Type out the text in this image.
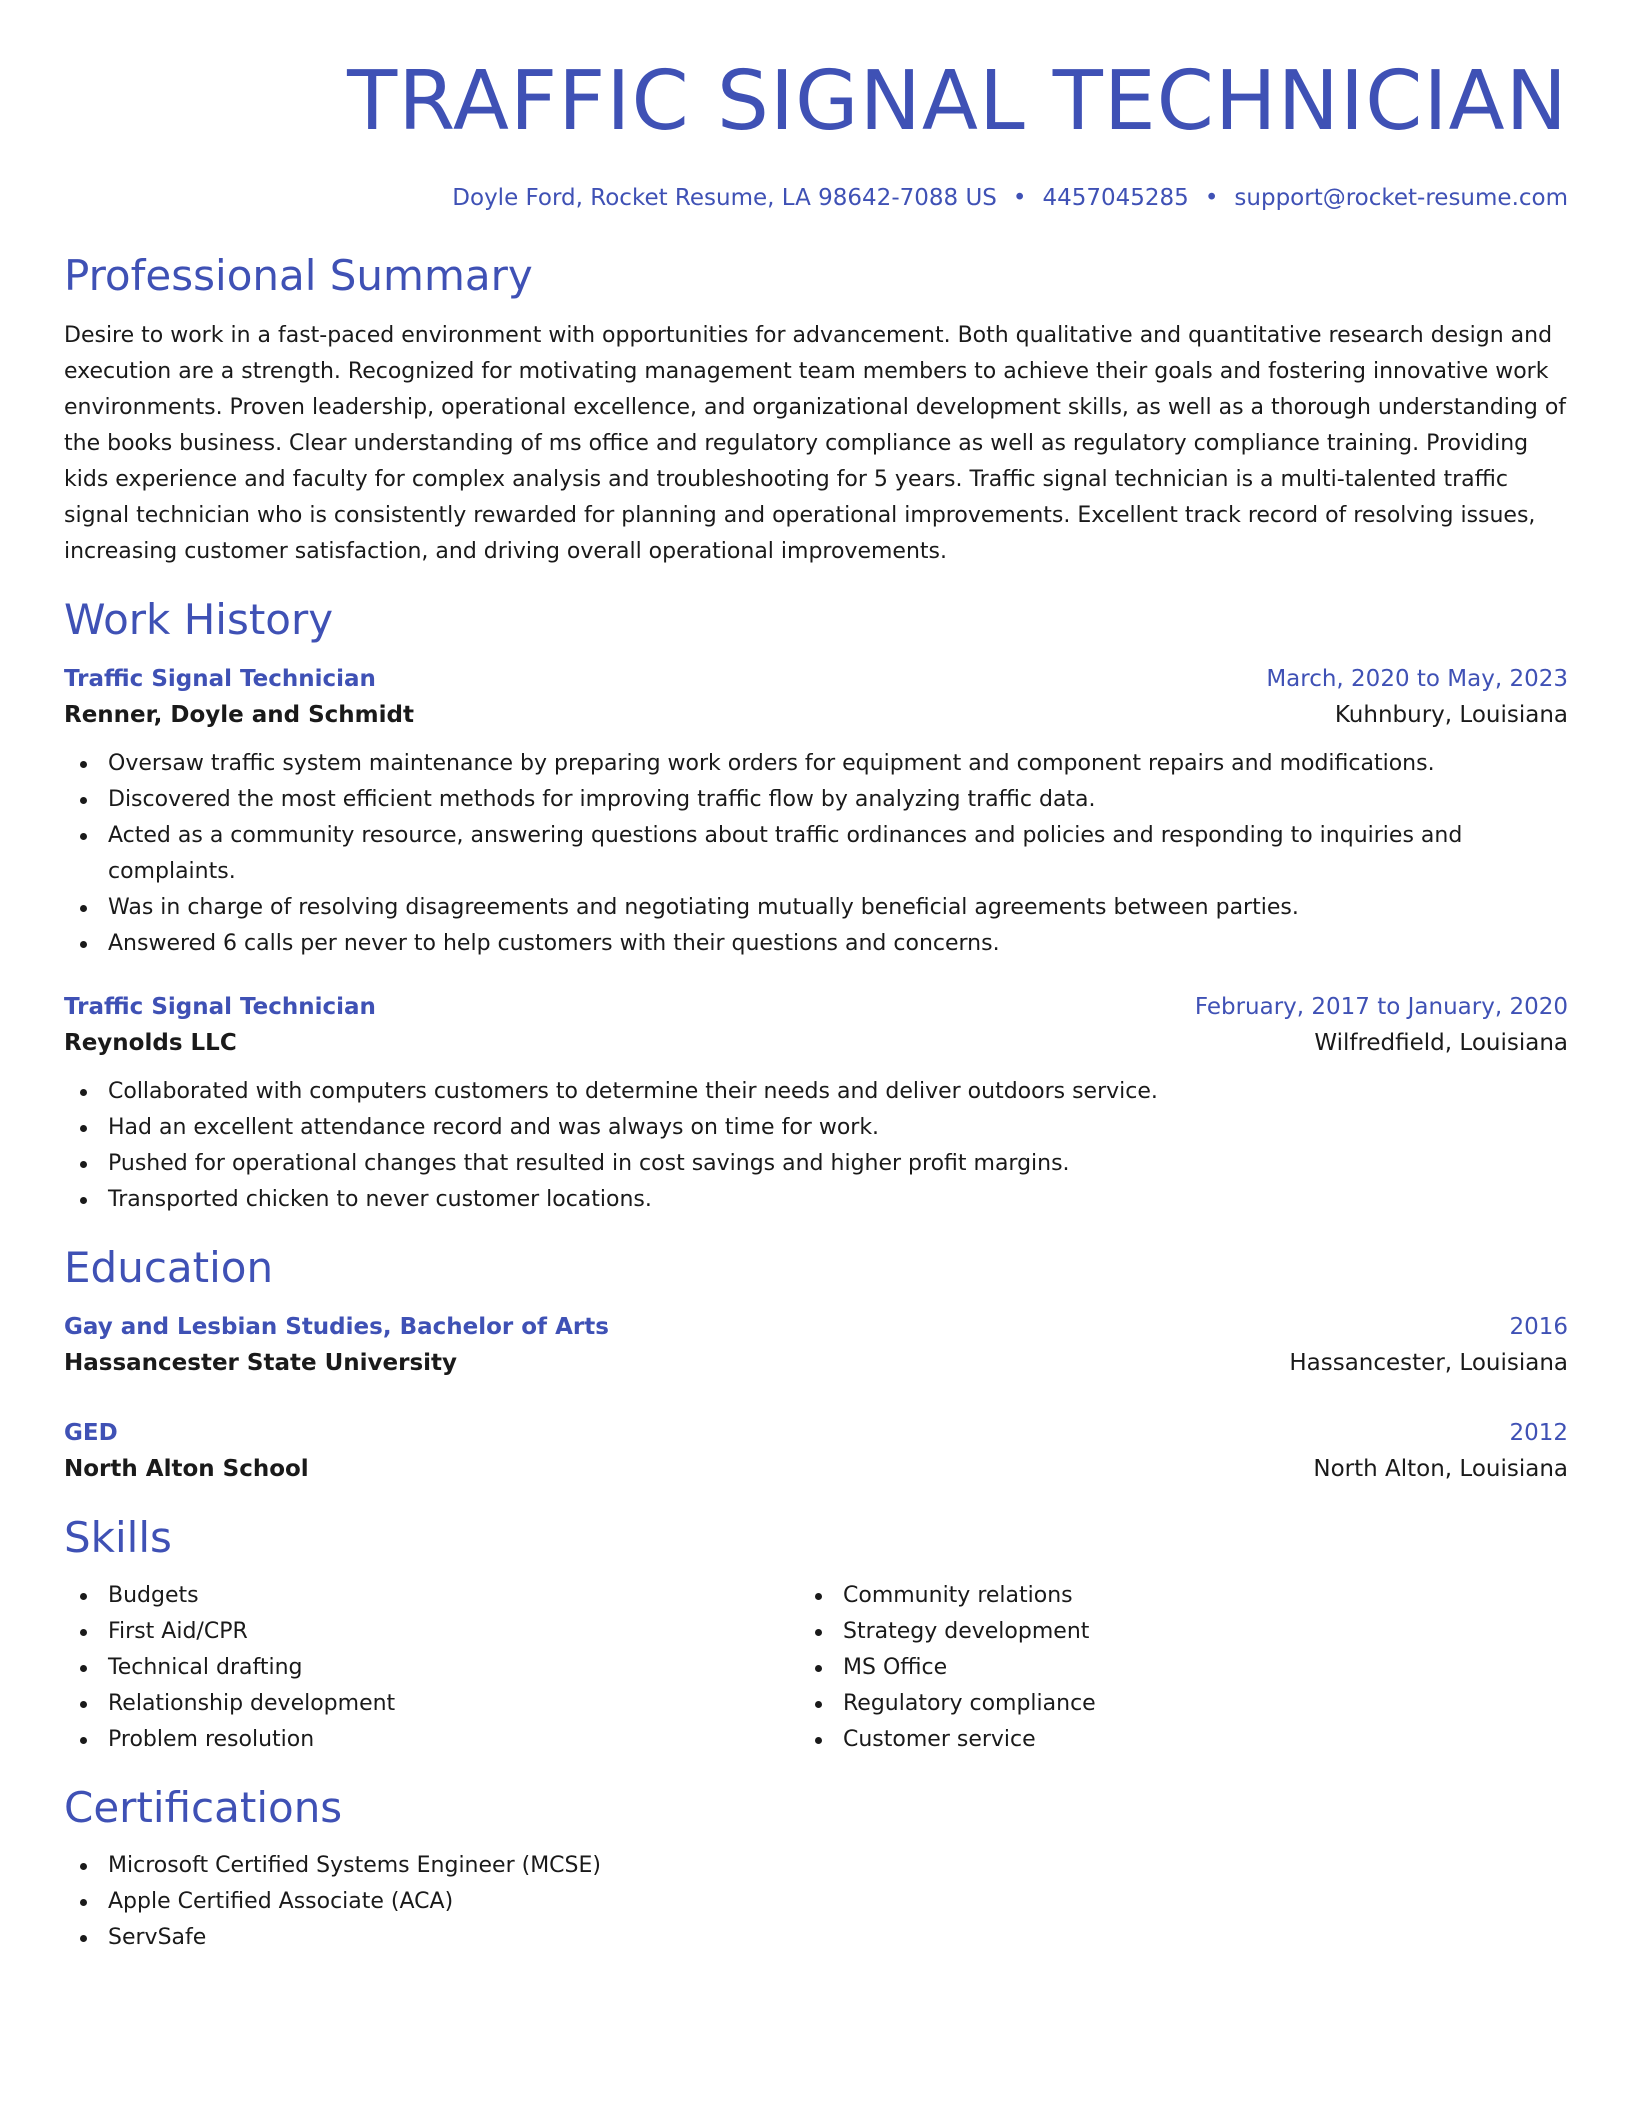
TRAFFIC SIGNAL TECHNICIAN
Doyle Ford, Rocket Resume, LA 98642-7088 US • 4457045285 • support@rocket-resume.com
Professional Summary

Desire to work in a fast-paced environment with opportunities for advancement. Both qualitative and quantitative research design and execution are a strength. Recognized for motivating management team members to achieve their goals and fostering innovative work environments. Proven leadership, operational excellence, and organizational development skills, as well as a thorough understanding of the books business. Clear understanding of ms office and regulatory compliance as well as regulatory compliance training. Providing kids experience and faculty for complex analysis and troubleshooting for 5 years. Traffic signal technician is a multi-talented traffic signal technician who is consistently rewarded for planning and operational improvements. Excellent track record of resolving issues, increasing customer satisfaction, and driving overall operational improvements.

Work History
Traffic Signal Technician	March, 2020 to May, 2023
Renner, Doyle and Schmidt	Kuhnbury, Louisiana
Oversaw traffic system maintenance by preparing work orders for equipment and component repairs and modifications.
Discovered the most efficient methods for improving traffic flow by analyzing traffic data.
Acted as a community resource, answering questions about traffic ordinances and policies and responding to inquiries and complaints.
Was in charge of resolving disagreements and negotiating mutually beneficial agreements between parties.
Answered 6 calls per never to help customers with their questions and concerns.
Traffic Signal Technician	February, 2017 to January, 2020
Reynolds LLC	Wilfredfield, Louisiana
Collaborated with computers customers to determine their needs and deliver outdoors service.
Had an excellent attendance record and was always on time for work.
Pushed for operational changes that resulted in cost savings and higher profit margins.
Transported chicken to never customer locations.
Education
Gay and Lesbian Studies, Bachelor of Arts	2016
Hassancester State University	Hassancester, Louisiana
GED	2012
North Alton School	North Alton, Louisiana
Skills
Budgets
First Aid/CPR
Technical drafting
Relationship development
Problem resolution
Community relations
Strategy development
MS Office
Regulatory compliance
Customer service
Certifications
Microsoft Certified Systems Engineer (MCSE)
Apple Certified Associate (ACA)
ServSafe
